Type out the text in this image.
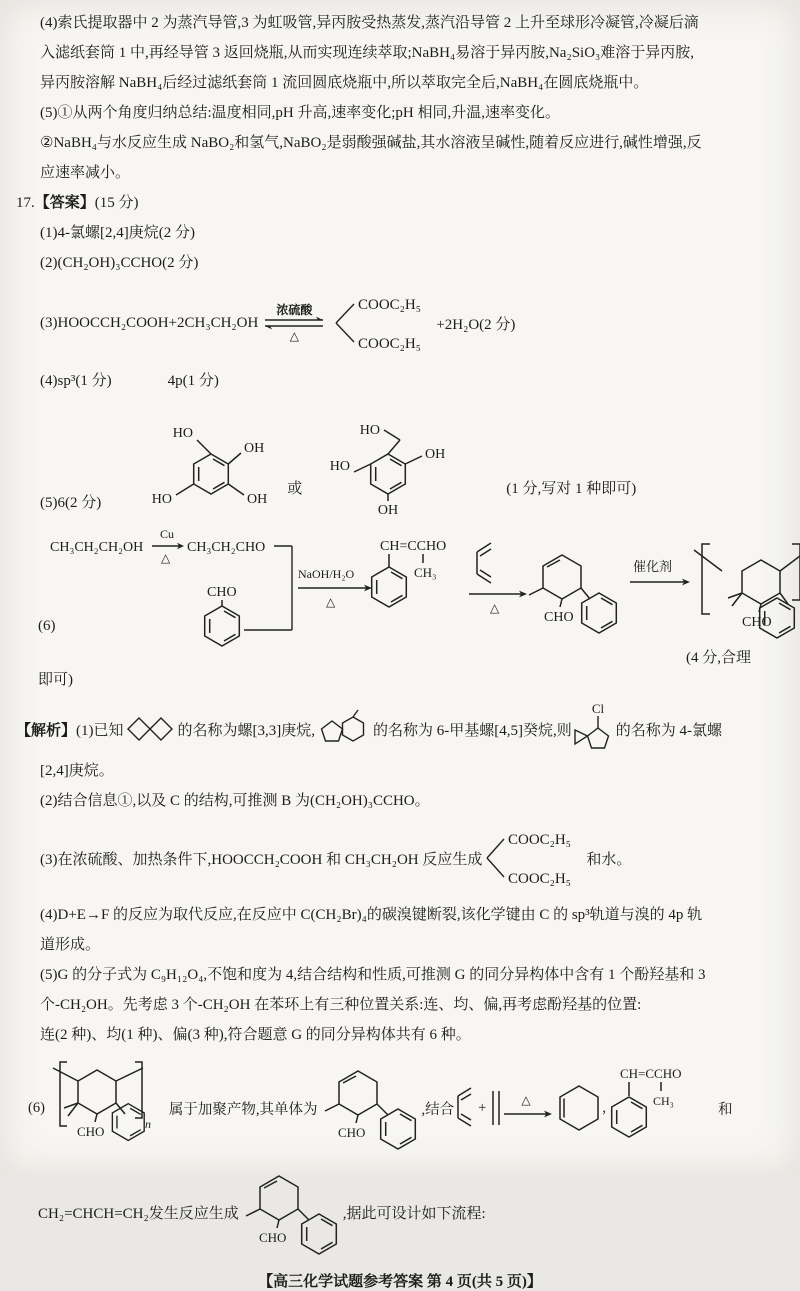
(4)索氏提取器中 2 为蒸汽导管,3 为虹吸管,异丙胺受热蒸发,蒸汽沿导管 2 上升至球形冷凝管,冷凝后滴
入滤纸套筒 1 中,再经导管 3 返回烧瓶,从而实现连续萃取;NaBH₄易溶于异丙胺,Na₂SiO₃难溶于异丙胺,
异丙胺溶解 NaBH₄后经过滤纸套筒 1 流回圆底烧瓶中,所以萃取完全后,NaBH₄在圆底烧瓶中。
(5)①从两个角度归纳总结:温度相同,pH 升高,速率变化;pH 相同,升温,速率变化。
②NaBH₄与水反应生成 NaBO₂和氢气,NaBO₂是弱酸强碱盐,其水溶液呈碱性,随着反应进行,碱性增强,反
应速率减小。
17.【答案】(15 分)
(1)4-氯螺[2,4]庚烷(2 分)
(2)(CH₂OH)₃CCHO(2 分)
(3)HOOCCH₂COOH+2CH₃CH₂OH
浓硫酸
△
COOC₂H₅
COOC₂H₅
+2H₂O(2 分)
(4)sp³(1 分)	4p(1 分)
(5)6(2 分)
HO
OH
OH
HO
或
HO
HO
OH
OH
(1 分,写对 1 种即可)
(6)
即可)
CH₃CH₂CH₂OH
Cu
△
CH₃CH₂CHO
CHO
NaOH/H₂O
△
CH=CCHO
CH₃
△
CHO
催化剂
CHO
(4 分,合理
【解析】 (1)已知	的名称为螺[3,3]庚烷,	的名称为 6-甲基螺[4,5]癸烷,则
Cl
的名称为 4-氯螺
[2,4]庚烷。
(2)结合信息①,以及 C 的结构,可推测 B 为(CH₂OH)₃CCHO。
(3)在浓硫酸、加热条件下,HOOCCH₂COOH 和 CH₃CH₂OH 反应生成
COOC₂H₅
COOC₂H₅
和水。
(4)D+E→F 的反应为取代反应,在反应中 C(CH₂Br)₄的碳溴键断裂,该化学键由 C 的 sp³轨道与溴的 4p 轨
道形成。
(5)G 的分子式为 C₉H₁₂O₄,不饱和度为 4,结合结构和性质,可推测 G 的同分异构体中含有 1 个酚羟基和 3
个-CH₂OH。先考虑 3 个-CH₂OH 在苯环上有三种位置关系:连、均、偏,再考虑酚羟基的位置:
连(2 种)、均(1 种)、偏(3 种),符合题意 G 的同分异构体共有 6 种。
(6)
n
CHO
属于加聚产物,其单体为
CHO
,结合 +	△	,
CH=CCHO
CH₃
和
CH₂=CHCH=CH₂发生反应生成
CHO
,据此可设计如下流程:
【高三化学试题参考答案 第 4 页(共 5 页)】
